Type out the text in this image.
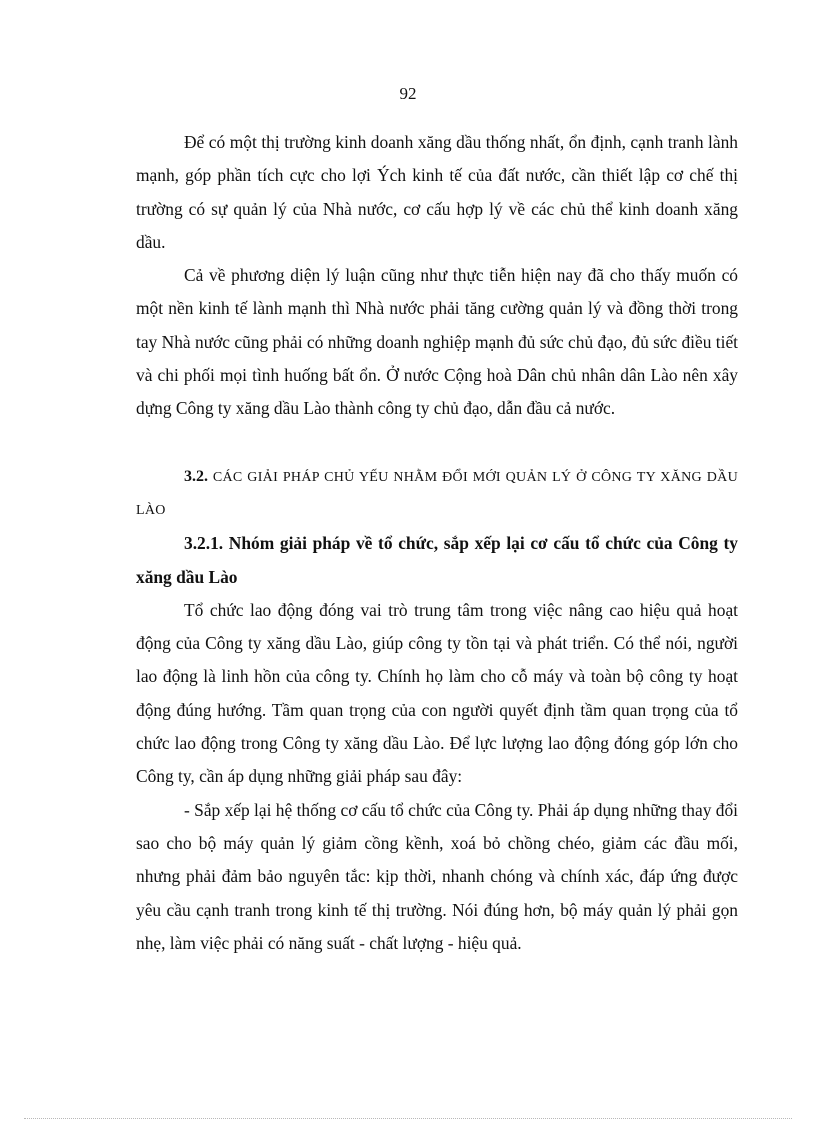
92

Để có một thị trường kinh doanh xăng dầu thống nhất, ổn định, cạnh tranh lành mạnh, góp phần tích cực cho lợi Ých kinh tế của đất nước, cần thiết lập cơ chế thị trường có sự quản lý của Nhà nước, cơ cấu hợp lý về các chủ thể kinh doanh xăng dầu.

Cả về phương diện lý luận cũng như thực tiễn hiện nay đã cho thấy muốn có một nền kinh tế lành mạnh thì Nhà nước phải tăng cường quản lý và đồng thời trong tay Nhà nước cũng phải có những doanh nghiệp mạnh đủ sức chủ đạo, đủ sức điều tiết và chi phối mọi tình huống bất ổn. Ở nước Cộng hoà Dân chủ nhân dân Lào nên xây dựng Công ty xăng dầu Lào thành công ty chủ đạo, dẫn đầu cả nước.

3.2. CÁC GIẢI PHÁP CHỦ YẾU NHẰM ĐỔI MỚI QUẢN LÝ Ở CÔNG TY XĂNG DẦU LÀO

3.2.1. Nhóm giải pháp về tổ chức, sắp xếp lại cơ cấu tổ chức của Công ty xăng dầu Lào

Tổ chức lao động đóng vai trò trung tâm trong việc nâng cao hiệu quả hoạt động của Công ty xăng dầu Lào, giúp công ty tồn tại và phát triển. Có thể nói, người lao động là linh hồn của công ty. Chính họ làm cho cỗ máy và toàn bộ công ty hoạt động đúng hướng. Tầm quan trọng của con người quyết định tầm quan trọng của tổ chức lao động trong Công ty xăng dầu Lào. Để lực lượng lao động đóng góp lớn cho Công ty, cần áp dụng những giải pháp sau đây:

- Sắp xếp lại hệ thống cơ cấu tổ chức của Công ty. Phải áp dụng những thay đổi sao cho bộ máy quản lý giảm cồng kềnh, xoá bỏ chồng chéo, giảm các đầu mối, nhưng phải đảm bảo nguyên tắc: kịp thời, nhanh chóng và chính xác, đáp ứng được yêu cầu cạnh tranh trong kinh tế thị trường. Nói đúng hơn, bộ máy quản lý phải gọn nhẹ, làm việc phải có năng suất - chất lượng - hiệu quả.
